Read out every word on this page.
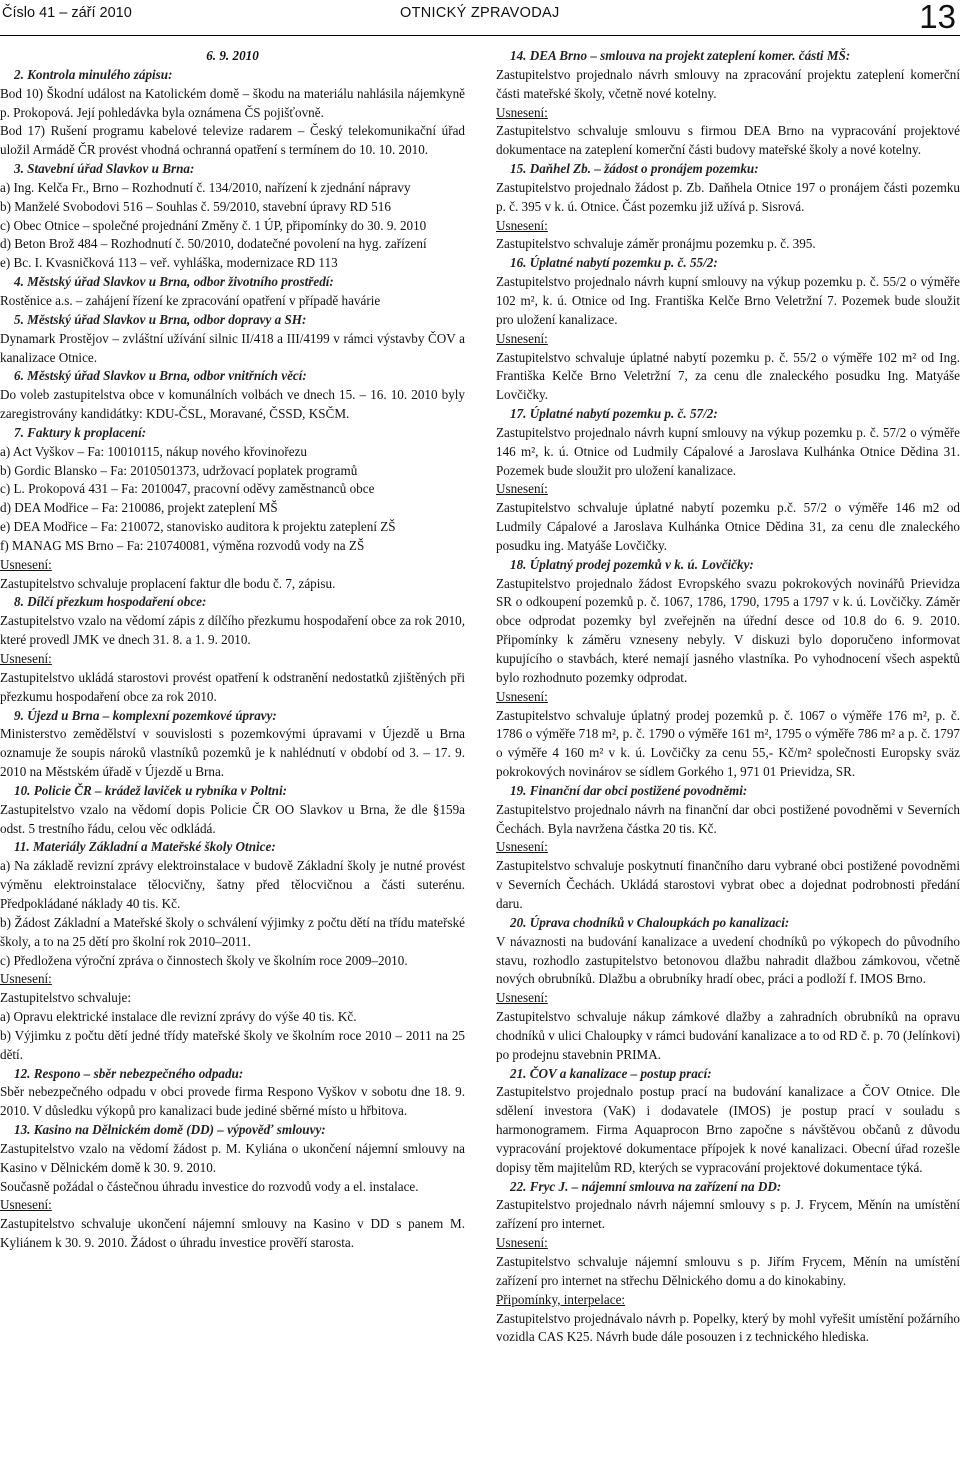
Číslo 41 – září 2010	OTNICKÝ ZPRAVODAJ	13
6. 9. 2010
2. Kontrola minulého zápisu:
Bod 10) Škodní událost na Katolickém domě – škodu na materiálu nahlásila nájemkyně p. Prokopová. Její pohledávka byla oznámena ČS pojišťovně.
Bod 17) Rušení programu kabelové televize radarem – Český telekomunikační úřad uložil Armádě ČR provést vhodná ochranná opatření s termínem do 10. 10. 2010.
3. Stavební úřad Slavkov u Brna:
a) Ing. Kelča Fr., Brno – Rozhodnutí č. 134/2010, nařízení k zjednání nápravy
b) Manželé Svobodovi 516 – Souhlas č. 59/2010, stavební úpravy RD 516
c) Obec Otnice – společné projednání Změny č. 1 ÚP, připomínky do 30. 9. 2010
d) Beton Brož 484 – Rozhodnutí č. 50/2010, dodatečné povolení na hyg. zařízení
e) Bc. I. Kvasničková 113 – veř. vyhláška, modernizace RD 113
4. Městský úřad Slavkov u Brna, odbor životního prostředí:
Rostěnice a.s. – zahájení řízení ke zpracování opatření v případě havárie
5. Městský úřad Slavkov u Brna, odbor dopravy a SH:
Dynamark Prostějov – zvláštní užívání silnic II/418 a III/4199 v rámci výstavby ČOV a kanalizace Otnice.
6. Městský úřad Slavkov u Brna, odbor vnitřních věcí:
Do voleb zastupitelstva obce v komunálních volbách ve dnech 15. – 16. 10. 2010 byly zaregistrovány kandidátky: KDU-ČSL, Moravané, ČSSD, KSČM.
7. Faktury k proplacení:
a) Act Vyškov – Fa: 10010115, nákup nového křovinořezu
b) Gordic Blansko – Fa: 2010501373, udržovací poplatek programů
c) L. Prokopová 431 – Fa: 2010047, pracovní oděvy zaměstnanců obce
d) DEA Modřice – Fa: 210086, projekt zateplení MŠ
e) DEA Modřice – Fa: 210072, stanovisko auditora k projektu zateplení ZŠ
f) MANAG MS Brno – Fa: 210740081, výměna rozvodů vody na ZŠ
Usnesení:
Zastupitelstvo schvaluje proplacení faktur dle bodu č. 7, zápisu.
8. Dílčí přezkum hospodaření obce:
Zastupitelstvo vzalo na vědomí zápis z dílčího přezkumu hospodaření obce za rok 2010, které provedl JMK ve dnech 31. 8. a 1. 9. 2010.
Usnesení:
Zastupitelstvo ukládá starostovi provést opatření k odstranění nedostatků zjištěných při přezkumu hospodaření obce za rok 2010.
9. Újezd u Brna – komplexní pozemkové úpravy:
Ministerstvo zemědělství v souvislosti s pozemkovými úpravami v Újezdě u Brna oznamuje že soupis nároků vlastníků pozemků je k nahlédnutí v období od 3. – 17. 9. 2010 na Městském úřadě v Újezdě u Brna.
10. Policie ČR – krádež laviček u rybníka v Poltni:
Zastupitelstvo vzalo na vědomí dopis Policie ČR OO Slavkov u Brna, že dle §159a odst. 5 trestního řádu, celou věc odkládá.
11. Materiály Základní a Mateřské školy Otnice:
a) Na základě revizní zprávy elektroinstalace v budově Základní školy je nutné provést výměnu elektroinstalace tělocvičny, šatny před tělocvičnou a části suterénu. Předpokládané náklady 40 tis. Kč.
b) Žádost Základní a Mateřské školy o schválení výjimky z počtu dětí na třídu mateřské školy, a to na 25 dětí pro školní rok 2010–2011.
c) Předložena výroční zpráva o činnostech školy ve školním roce 2009–2010.
Usnesení:
Zastupitelstvo schvaluje:
a) Opravu elektrické instalace dle revizní zprávy do výše 40 tis. Kč.
b) Výjimku z počtu dětí jedné třídy mateřské školy ve školním roce 2010 – 2011 na 25 dětí.
12. Respono – sběr nebezpečného odpadu:
Sběr nebezpečného odpadu v obci provede firma Respono Vyškov v sobotu dne 18. 9. 2010. V důsledku výkopů pro kanalizaci bude jediné sběrné místo u hřbitova.
13. Kasino na Dělnickém domě (DD) – výpověď smlouvy:
Zastupitelstvo vzalo na vědomí žádost p. M. Kyliána o ukončení nájemní smlouvy na Kasino v Dělnickém domě k 30. 9. 2010.
Současně požádal o částečnou úhradu investice do rozvodů vody a el. instalace.
Usnesení:
Zastupitelstvo schvaluje ukončení nájemní smlouvy na Kasino v DD s panem M. Kyliánem k 30. 9. 2010. Žádost o úhradu investice prověří starosta.
14. DEA Brno – smlouva na projekt zateplení komer. části MŠ:
Zastupitelstvo projednalo návrh smlouvy na zpracování projektu zateplení komerční části mateřské školy, včetně nové kotelny.
Usnesení:
Zastupitelstvo schvaluje smlouvu s firmou DEA Brno na vypracování projektové dokumentace na zateplení komerční části budovy mateřské školy a nové kotelny.
15. Daňhel Zb. – žádost o pronájem pozemku:
Zastupitelstvo projednalo žádost p. Zb. Daňhela Otnice 197 o pronájem části pozemku p. č. 395 v k. ú. Otnice. Část pozemku již užívá p. Sisrová.
Usnesení:
Zastupitelstvo schvaluje záměr pronájmu pozemku p. č. 395.
16. Úplatné nabytí pozemku p. č. 55/2:
Zastupitelstvo projednalo návrh kupní smlouvy na výkup pozemku p. č. 55/2 o výměře 102 m², k. ú. Otnice od Ing. Františka Kelče Brno Veletržní 7. Pozemek bude sloužit pro uložení kanalizace.
Usnesení:
Zastupitelstvo schvaluje úplatné nabytí pozemku p. č. 55/2 o výměře 102 m² od Ing. Františka Kelče Brno Veletržní 7, za cenu dle znaleckého posudku Ing. Matyáše Lovčičky.
17. Úplatné nabytí pozemku p. č. 57/2:
Zastupitelstvo projednalo návrh kupní smlouvy na výkup pozemku p. č. 57/2 o výměře 146 m², k. ú. Otnice od Ludmily Cápalové a Jaroslava Kulhánka Otnice Dědina 31. Pozemek bude sloužit pro uložení kanalizace.
Usnesení:
Zastupitelstvo schvaluje úplatné nabytí pozemku p.č. 57/2 o výměře 146 m2 od Ludmily Cápalové a Jaroslava Kulhánka Otnice Dědina 31, za cenu dle znaleckého posudku ing. Matyáše Lovčičky.
18. Úplatný prodej pozemků v k. ú. Lovčičky:
Zastupitelstvo projednalo žádost Evropského svazu pokrokových novinářů Prievidza SR o odkoupení pozemků p. č. 1067, 1786, 1790, 1795 a 1797 v k. ú. Lovčičky. Záměr obce odprodat pozemky byl zveřejněn na úřední desce od 10.8 do 6. 9. 2010. Připomínky k záměru vzneseny nebyly. V diskuzi bylo doporučeno informovat kupujícího o stavbách, které nemají jasného vlastníka. Po vyhodnocení všech aspektů bylo rozhodnuto pozemky odprodat.
Usnesení:
Zastupitelstvo schvaluje úplatný prodej pozemků p. č. 1067 o výměře 176 m², p. č. 1786 o výměře 718 m², p. č. 1790 o výměře 161 m², 1795 o výměře 786 m² a p. č. 1797 o výměře 4 160 m² v k. ú. Lovčičky za cenu 55,- Kč/m² společnosti Europsky sväz pokrokových novinárov se sídlem Gorkého 1, 971 01 Prievidza, SR.
19. Finanční dar obci postižené povodněmi:
Zastupitelstvo projednalo návrh na finanční dar obci postižené povodněmi v Severních Čechách. Byla navržena částka 20 tis. Kč.
Usnesení:
Zastupitelstvo schvaluje poskytnutí finančního daru vybrané obci postižené povodněmi v Severních Čechách. Ukládá starostovi vybrat obec a dojednat podrobnosti předání daru.
20. Úprava chodníků v Chaloupkách po kanalizaci:
V návaznosti na budování kanalizace a uvedení chodníků po výkopech do původního stavu, rozhodlo zastupitelstvo betonovou dlažbu nahradit dlažbou zámkovou, včetně nových obrubníků. Dlažbu a obrubníky hradí obec, práci a podloží f. IMOS Brno.
Usnesení:
Zastupitelstvo schvaluje nákup zámkové dlažby a zahradních obrubníků na opravu chodníků v ulici Chaloupky v rámci budování kanalizace a to od RD č. p. 70 (Jelínkovi) po prodejnu stavebnin PRIMA.
21. ČOV a kanalizace – postup prací:
Zastupitelstvo projednalo postup prací na budování kanalizace a ČOV Otnice. Dle sdělení investora (VaK) i dodavatele (IMOS) je postup prací v souladu s harmonogramem. Firma Aquaprocon Brno započne s návštěvou občanů z důvodu vypracování projektové dokumentace přípojek k nové kanalizaci. Obecní úřad rozešle dopisy těm majitelům RD, kterých se vypracování projektové dokumentace týká.
22. Fryc J. – nájemní smlouva na zařízení na DD:
Zastupitelstvo projednalo návrh nájemní smlouvy s p. J. Frycem, Měnín na umístění zařízení pro internet.
Usnesení:
Zastupitelstvo schvaluje nájemní smlouvu s p. Jiřím Frycem, Měnín na umístění zařízení pro internet na střechu Dělnického domu a do kinokabiny.
Připomínky, interpelace:
Zastupitelstvo projednávalo návrh p. Popelky, který by mohl vyřešit umístění požárního vozidla CAS K25. Návrh bude dále posouzen i z technického hlediska.
